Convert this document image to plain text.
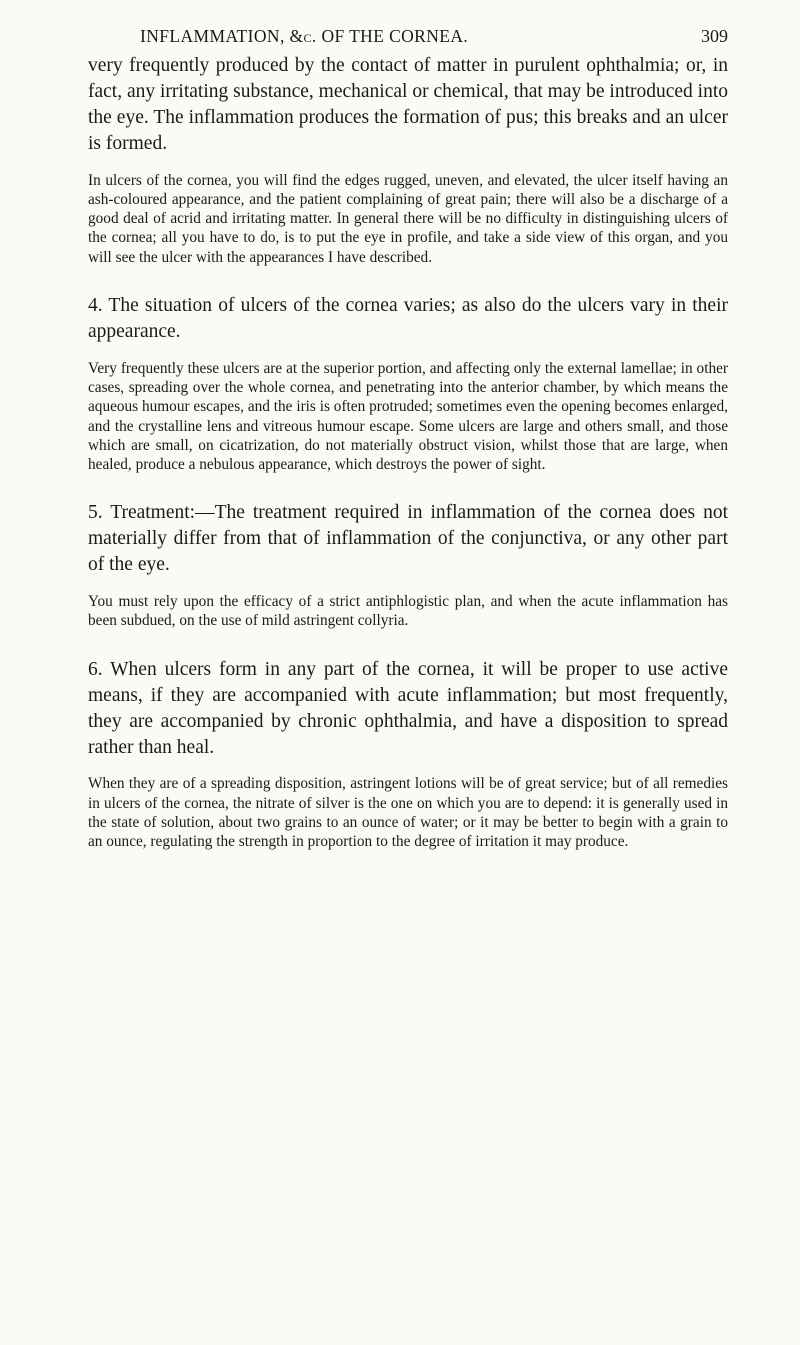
INFLAMMATION, &c. OF THE CORNEA.	309

very frequently produced by the contact of matter in purulent ophthalmia; or, in fact, any irritating substance, mechanical or chemical, that may be introduced into the eye. The inflammation produces the formation of pus; this breaks and an ulcer is formed.

In ulcers of the cornea, you will find the edges rugged, uneven, and elevated, the ulcer itself having an ash-coloured appearance, and the patient complaining of great pain; there will also be a discharge of a good deal of acrid and irritating matter. In general there will be no difficulty in distinguishing ulcers of the cornea; all you have to do, is to put the eye in profile, and take a side view of this organ, and you will see the ulcer with the appearances I have described.

4. The situation of ulcers of the cornea varies; as also do the ulcers vary in their appearance.

Very frequently these ulcers are at the superior portion, and affecting only the external lamellae; in other cases, spreading over the whole cornea, and penetrating into the anterior chamber, by which means the aqueous humour escapes, and the iris is often protruded; sometimes even the opening becomes enlarged, and the crystalline lens and vitreous humour escape. Some ulcers are large and others small, and those which are small, on cicatrization, do not materially obstruct vision, whilst those that are large, when healed, produce a nebulous appearance, which destroys the power of sight.

5. Treatment:—The treatment required in inflammation of the cornea does not materially differ from that of inflammation of the conjunctiva, or any other part of the eye.

You must rely upon the efficacy of a strict antiphlogistic plan, and when the acute inflammation has been subdued, on the use of mild astringent collyria.

6. When ulcers form in any part of the cornea, it will be proper to use active means, if they are accompanied with acute inflammation; but most frequently, they are accompanied by chronic ophthalmia, and have a disposition to spread rather than heal.

When they are of a spreading disposition, astringent lotions will be of great service; but of all remedies in ulcers of the cornea, the nitrate of silver is the one on which you are to depend: it is generally used in the state of solution, about two grains to an ounce of water; or it may be better to begin with a grain to an ounce, regulating the strength in proportion to the degree of irritation it may produce.
